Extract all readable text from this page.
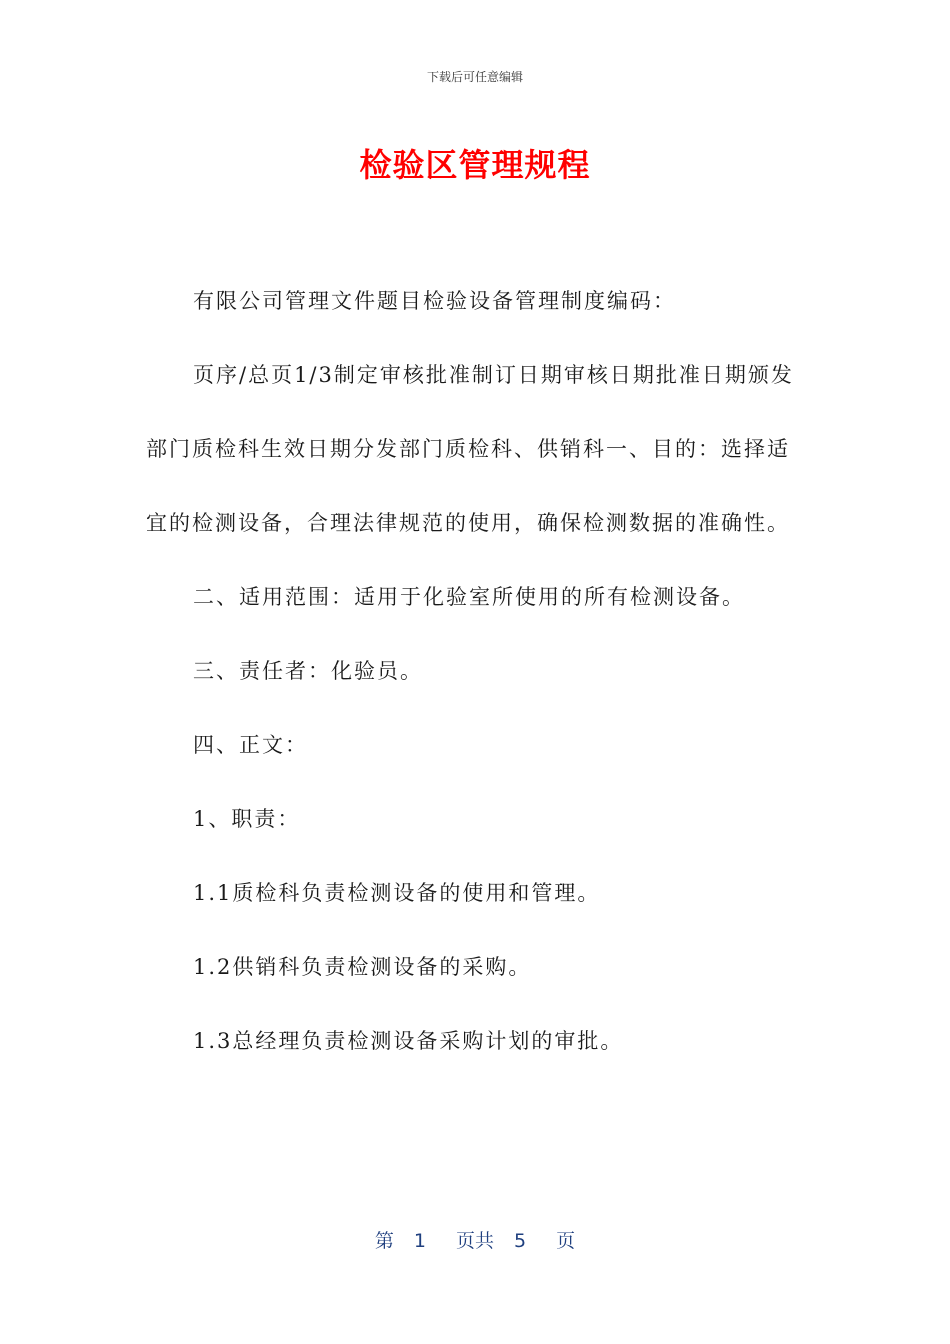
下载后可任意编辑
检验区管理规程

有限公司管理文件题目检验设备管理制度编码：

页序/总页1/3制定审核批准制订日期审核日期批准日期颁发部门质检科生效日期分发部门质检科、供销科一、目的：选择适宜的检测设备，合理法律规范的使用，确保检测数据的准确性。

二、适用范围：适用于化验室所使用的所有检测设备。

三、责任者：化验员。

四、正文：

1、职责：

1.1质检科负责检测设备的使用和管理。

1.2供销科负责检测设备的采购。

1.3总经理负责检测设备采购计划的审批。

第 1 页共 5 页
